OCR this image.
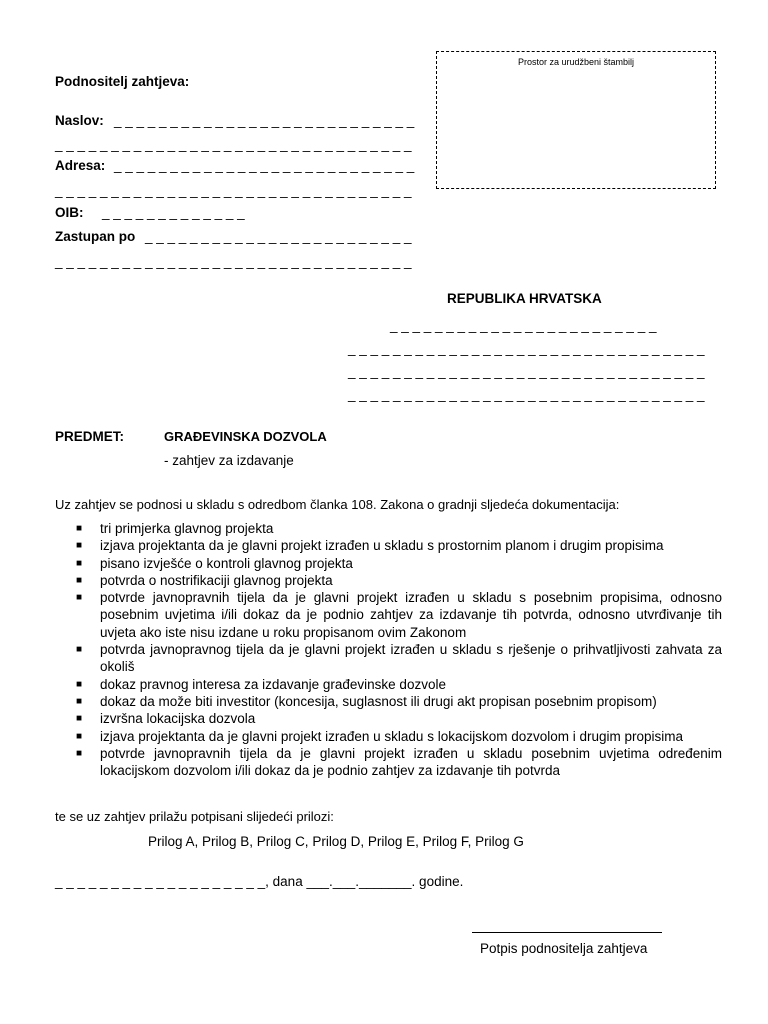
Podnositelj zahtjeva:
Naslov: _ _ _ _ _ _ _ _ _ _ _ _ _ _ _ _ _ _ _ _ _ _ _ _ _ _ _
_ _ _ _ _ _ _ _ _ _ _ _ _ _ _ _ _ _ _ _ _ _ _ _ _ _ _ _ _ _ _ _
Adresa: _ _ _ _ _ _ _ _ _ _ _ _ _ _ _ _ _ _ _ _ _ _ _ _ _ _ _
_ _ _ _ _ _ _ _ _ _ _ _ _ _ _ _ _ _ _ _ _ _ _ _ _ _ _ _ _ _ _ _
OIB: _ _ _ _ _ _ _ _ _ _ _ _ _
Zastupan po _ _ _ _ _ _ _ _ _ _ _ _ _ _ _ _ _ _ _ _ _ _ _ _
_ _ _ _ _ _ _ _ _ _ _ _ _ _ _ _ _ _ _ _ _ _ _ _ _ _ _ _ _ _ _ _
Prostor za urudžbeni štambilj
REPUBLIKA HRVATSKA
_ _ _ _ _ _ _ _ _ _ _ _ _ _ _ _ _ _ _ _ _ _ _ _
_ _ _ _ _ _ _ _ _ _ _ _ _ _ _ _ _ _ _ _ _ _ _ _ _ _ _ _ _ _ _ _
_ _ _ _ _ _ _ _ _ _ _ _ _ _ _ _ _ _ _ _ _ _ _ _ _ _ _ _ _ _ _ _
_ _ _ _ _ _ _ _ _ _ _ _ _ _ _ _ _ _ _ _ _ _ _ _ _ _ _ _ _ _ _ _
PREDMET:	GRAĐEVINSKA DOZVOLA
- zahtjev za izdavanje
Uz zahtjev se podnosi u skladu s odredbom članka 108. Zakona o gradnji sljedeća dokumentacija:
■ tri primjerka glavnog projekta
■ izjava projektanta da je glavni projekt izrađen u skladu s prostornim planom i drugim propisima
■ pisano izvješće o kontroli glavnog projekta
■ potvrda o nostrifikaciji glavnog projekta
■ potvrde javnopravnih tijela da je glavni projekt izrađen u skladu s posebnim propisima, odnosno posebnim uvjetima i/ili dokaz da je podnio zahtjev za izdavanje tih potvrda, odnosno utvrđivanje tih uvjeta ako iste nisu izdane u roku propisanom ovim Zakonom
■ potvrda javnopravnog tijela da je glavni projekt izrađen u skladu s rješenje o prihvatljivosti zahvata za okoliš
■ dokaz pravnog interesa za izdavanje građevinske dozvole
■ dokaz da može biti investitor (koncesija, suglasnost ili drugi akt propisan posebnim propisom)
■ izvršna lokacijska dozvola
■ izjava projektanta da je glavni projekt izrađen u skladu s lokacijskom dozvolom i drugim propisima
■ potvrde javnopravnih tijela da je glavni projekt izrađen u skladu posebnim uvjetima određenim lokacijskom dozvolom i/ili dokaz da je podnio zahtjev za izdavanje tih potvrda
te se uz zahtjev prilažu potpisani slijedeći prilozi:
Prilog A, Prilog B, Prilog C, Prilog D, Prilog E, Prilog F, Prilog G
_ _ _ _ _ _ _ _ _ _ _ _ _ _ _ _ _ _ _, dana ___.___._______. godine.
Potpis podnositelja zahtjeva
